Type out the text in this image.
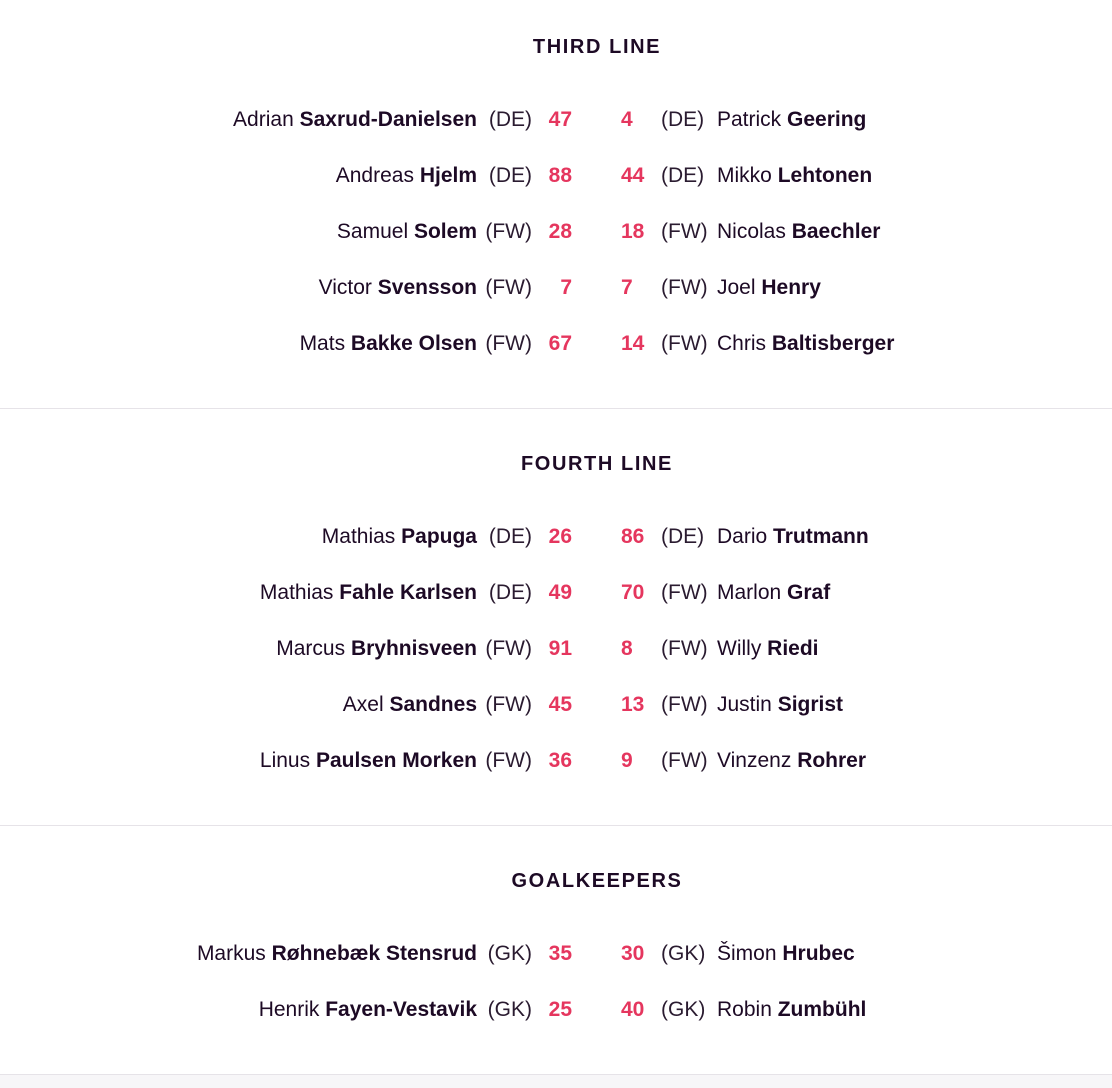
THIRD LINE
Adrian Saxrud-Danielsen (DE) 47 4 (DE) Patrick Geering
Andreas Hjelm (DE) 88 44 (DE) Mikko Lehtonen
Samuel Solem (FW) 28 18 (FW) Nicolas Baechler
Victor Svensson (FW) 7 7 (FW) Joel Henry
Mats Bakke Olsen (FW) 67 14 (FW) Chris Baltisberger
FOURTH LINE
Mathias Papuga (DE) 26 86 (DE) Dario Trutmann
Mathias Fahle Karlsen (DE) 49 70 (FW) Marlon Graf
Marcus Bryhnisveen (FW) 91 8 (FW) Willy Riedi
Axel Sandnes (FW) 45 13 (FW) Justin Sigrist
Linus Paulsen Morken (FW) 36 9 (FW) Vinzenz Rohrer
GOALKEEPERS
Markus Røhnebæk Stensrud (GK) 35 30 (GK) Šimon Hrubec
Henrik Fayen-Vestavik (GK) 25 40 (GK) Robin Zumbühl
